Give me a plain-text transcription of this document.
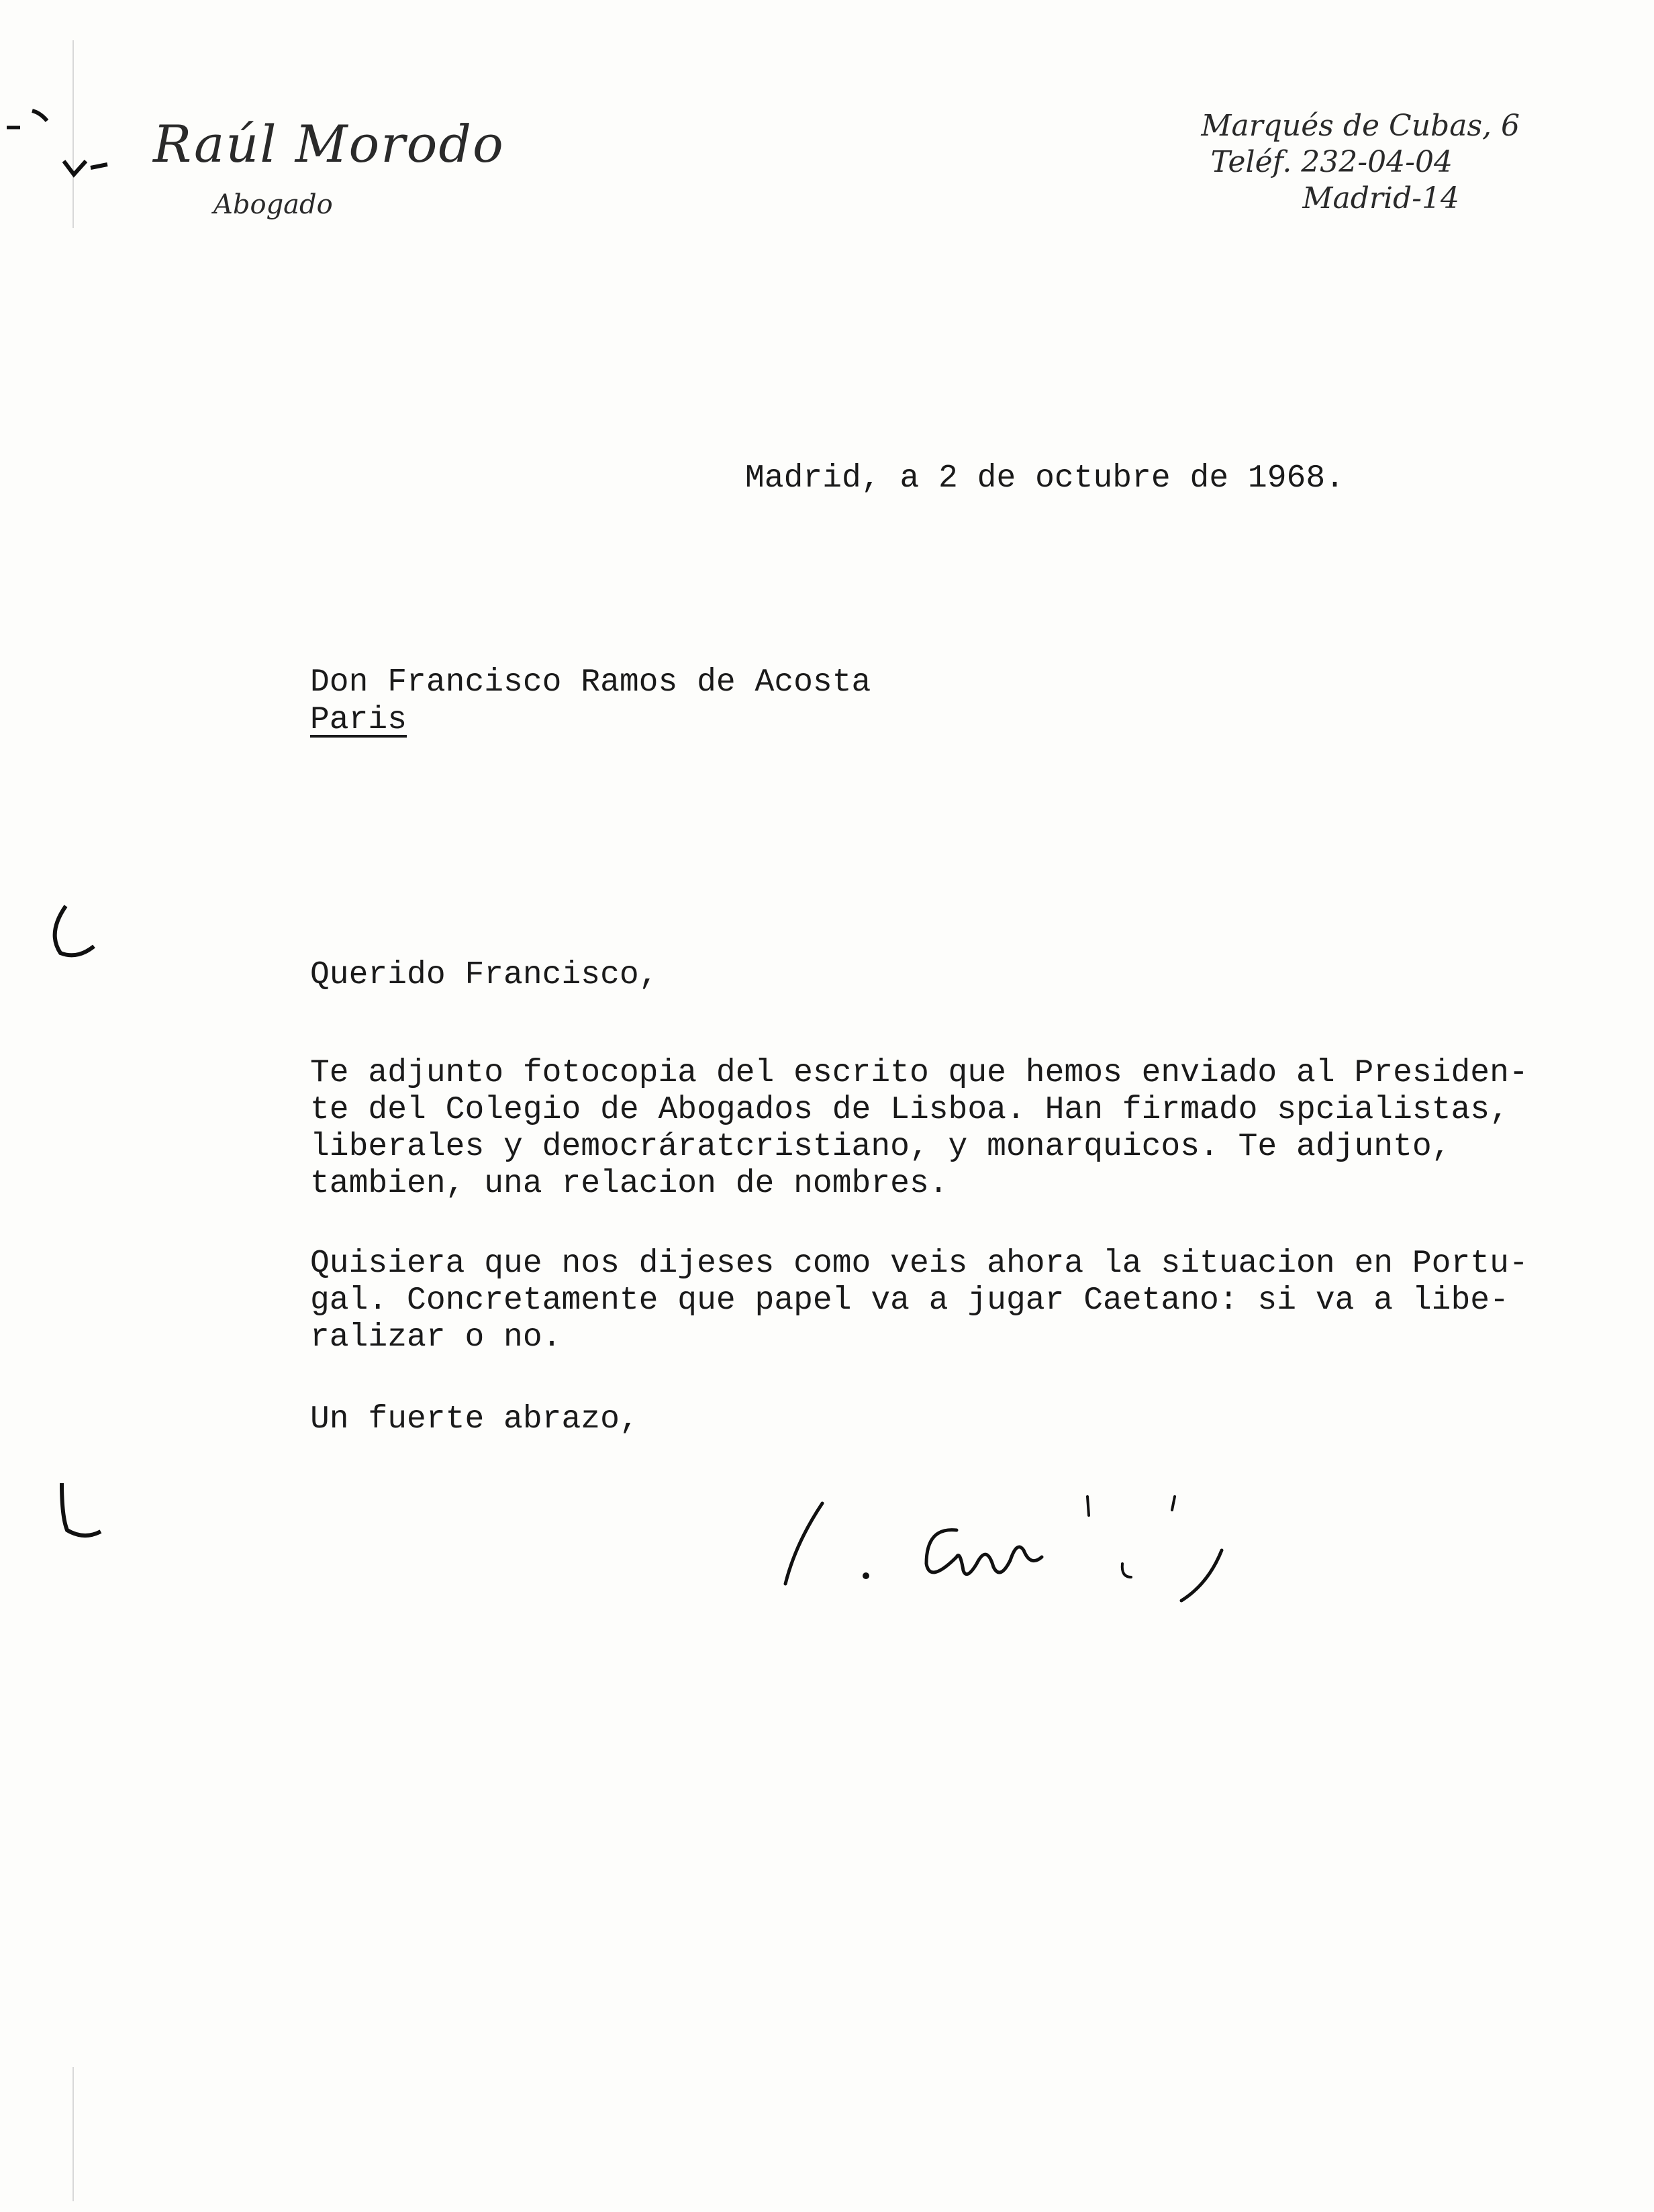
Raúl Morodo
Abogado
Marqués de Cubas, 6
Teléf. 232-04-04
Madrid-14
Madrid, a 2 de octubre de 1968.
Don Francisco Ramos de Acosta
Paris
Querido Francisco,
Te adjunto fotocopia del escrito que hemos enviado al Presiden-
te del Colegio de Abogados de Lisboa. Han firmado spcialistas,
liberales y democráratcristiano, y monarquicos. Te adjunto,
tambien, una relacion de nombres.
Quisiera que nos dijeses como veis ahora la situacion en Portu-
gal. Concretamente que papel va a jugar Caetano: si va a libe-
ralizar o no.
Un fuerte abrazo,
